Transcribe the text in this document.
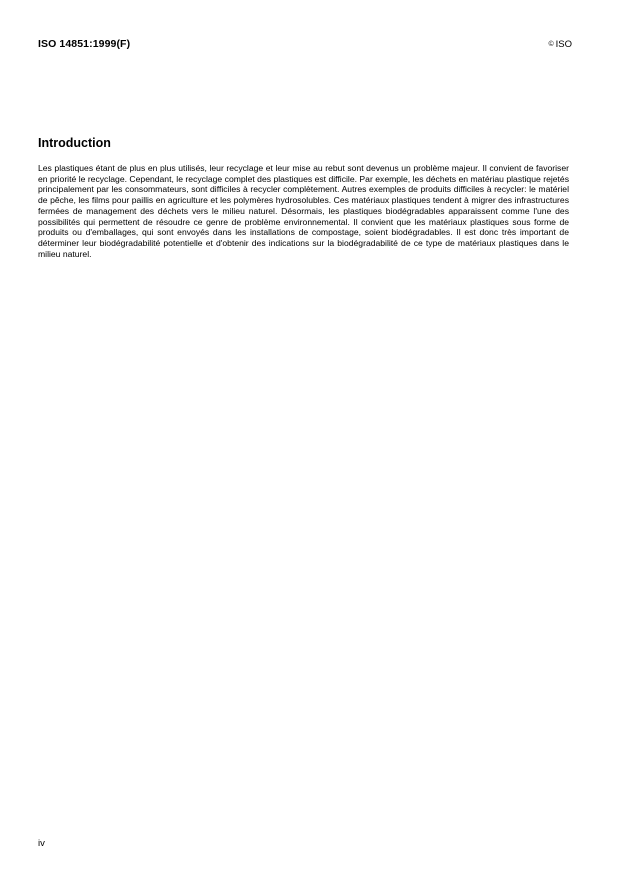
ISO 14851:1999(F)	© ISO
Introduction

Les plastiques étant de plus en plus utilisés, leur recyclage et leur mise au rebut sont devenus un problème majeur. Il convient de favoriser en priorité le recyclage. Cependant, le recyclage complet des plastiques est difficile. Par exemple, les déchets en matériau plastique rejetés principalement par les consommateurs, sont difficiles à recycler complètement. Autres exemples de produits difficiles à recycler: le matériel de pêche, les films pour paillis en agriculture et les polymères hydrosolubles. Ces matériaux plastiques tendent à migrer des infrastructures fermées de management des déchets vers le milieu naturel. Désormais, les plastiques biodégradables apparaissent comme l'une des possibilités qui permettent de résoudre ce genre de problème environnemental. Il convient que les matériaux plastiques sous forme de produits ou d'emballages, qui sont envoyés dans les installations de compostage, soient biodégradables. Il est donc très important de déterminer leur biodégradabilité potentielle et d'obtenir des indications sur la biodégradabilité de ce type de matériaux plastiques dans le milieu naturel.

iv
